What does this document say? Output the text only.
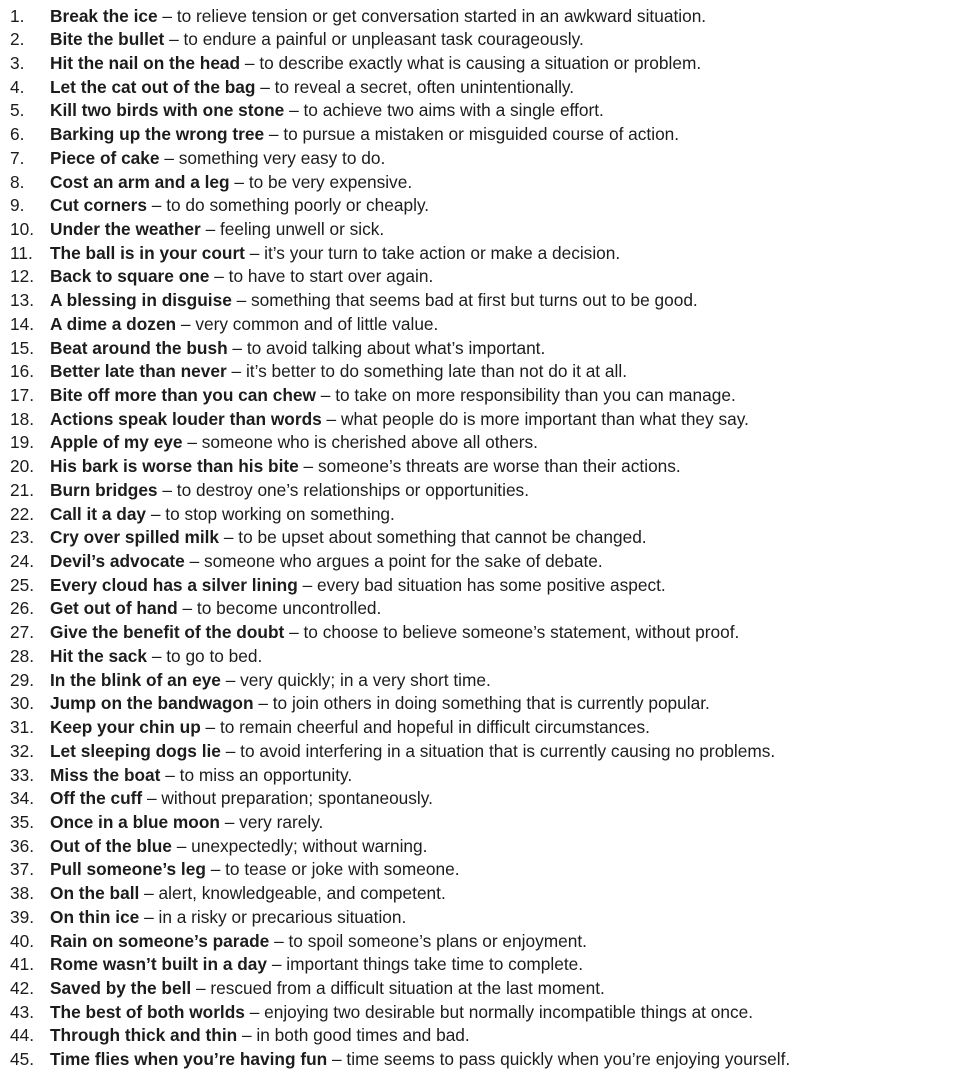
1. Break the ice – to relieve tension or get conversation started in an awkward situation.
2. Bite the bullet – to endure a painful or unpleasant task courageously.
3. Hit the nail on the head – to describe exactly what is causing a situation or problem.
4. Let the cat out of the bag – to reveal a secret, often unintentionally.
5. Kill two birds with one stone – to achieve two aims with a single effort.
6. Barking up the wrong tree – to pursue a mistaken or misguided course of action.
7. Piece of cake – something very easy to do.
8. Cost an arm and a leg – to be very expensive.
9. Cut corners – to do something poorly or cheaply.
10. Under the weather – feeling unwell or sick.
11. The ball is in your court – it’s your turn to take action or make a decision.
12. Back to square one – to have to start over again.
13. A blessing in disguise – something that seems bad at first but turns out to be good.
14. A dime a dozen – very common and of little value.
15. Beat around the bush – to avoid talking about what’s important.
16. Better late than never – it’s better to do something late than not do it at all.
17. Bite off more than you can chew – to take on more responsibility than you can manage.
18. Actions speak louder than words – what people do is more important than what they say.
19. Apple of my eye – someone who is cherished above all others.
20. His bark is worse than his bite – someone’s threats are worse than their actions.
21. Burn bridges – to destroy one’s relationships or opportunities.
22. Call it a day – to stop working on something.
23. Cry over spilled milk – to be upset about something that cannot be changed.
24. Devil’s advocate – someone who argues a point for the sake of debate.
25. Every cloud has a silver lining – every bad situation has some positive aspect.
26. Get out of hand – to become uncontrolled.
27. Give the benefit of the doubt – to choose to believe someone’s statement, without proof.
28. Hit the sack – to go to bed.
29. In the blink of an eye – very quickly; in a very short time.
30. Jump on the bandwagon – to join others in doing something that is currently popular.
31. Keep your chin up – to remain cheerful and hopeful in difficult circumstances.
32. Let sleeping dogs lie – to avoid interfering in a situation that is currently causing no problems.
33. Miss the boat – to miss an opportunity.
34. Off the cuff – without preparation; spontaneously.
35. Once in a blue moon – very rarely.
36. Out of the blue – unexpectedly; without warning.
37. Pull someone’s leg – to tease or joke with someone.
38. On the ball – alert, knowledgeable, and competent.
39. On thin ice – in a risky or precarious situation.
40. Rain on someone’s parade – to spoil someone’s plans or enjoyment.
41. Rome wasn’t built in a day – important things take time to complete.
42. Saved by the bell – rescued from a difficult situation at the last moment.
43. The best of both worlds – enjoying two desirable but normally incompatible things at once.
44. Through thick and thin – in both good times and bad.
45. Time flies when you’re having fun – time seems to pass quickly when you’re enjoying yourself.
